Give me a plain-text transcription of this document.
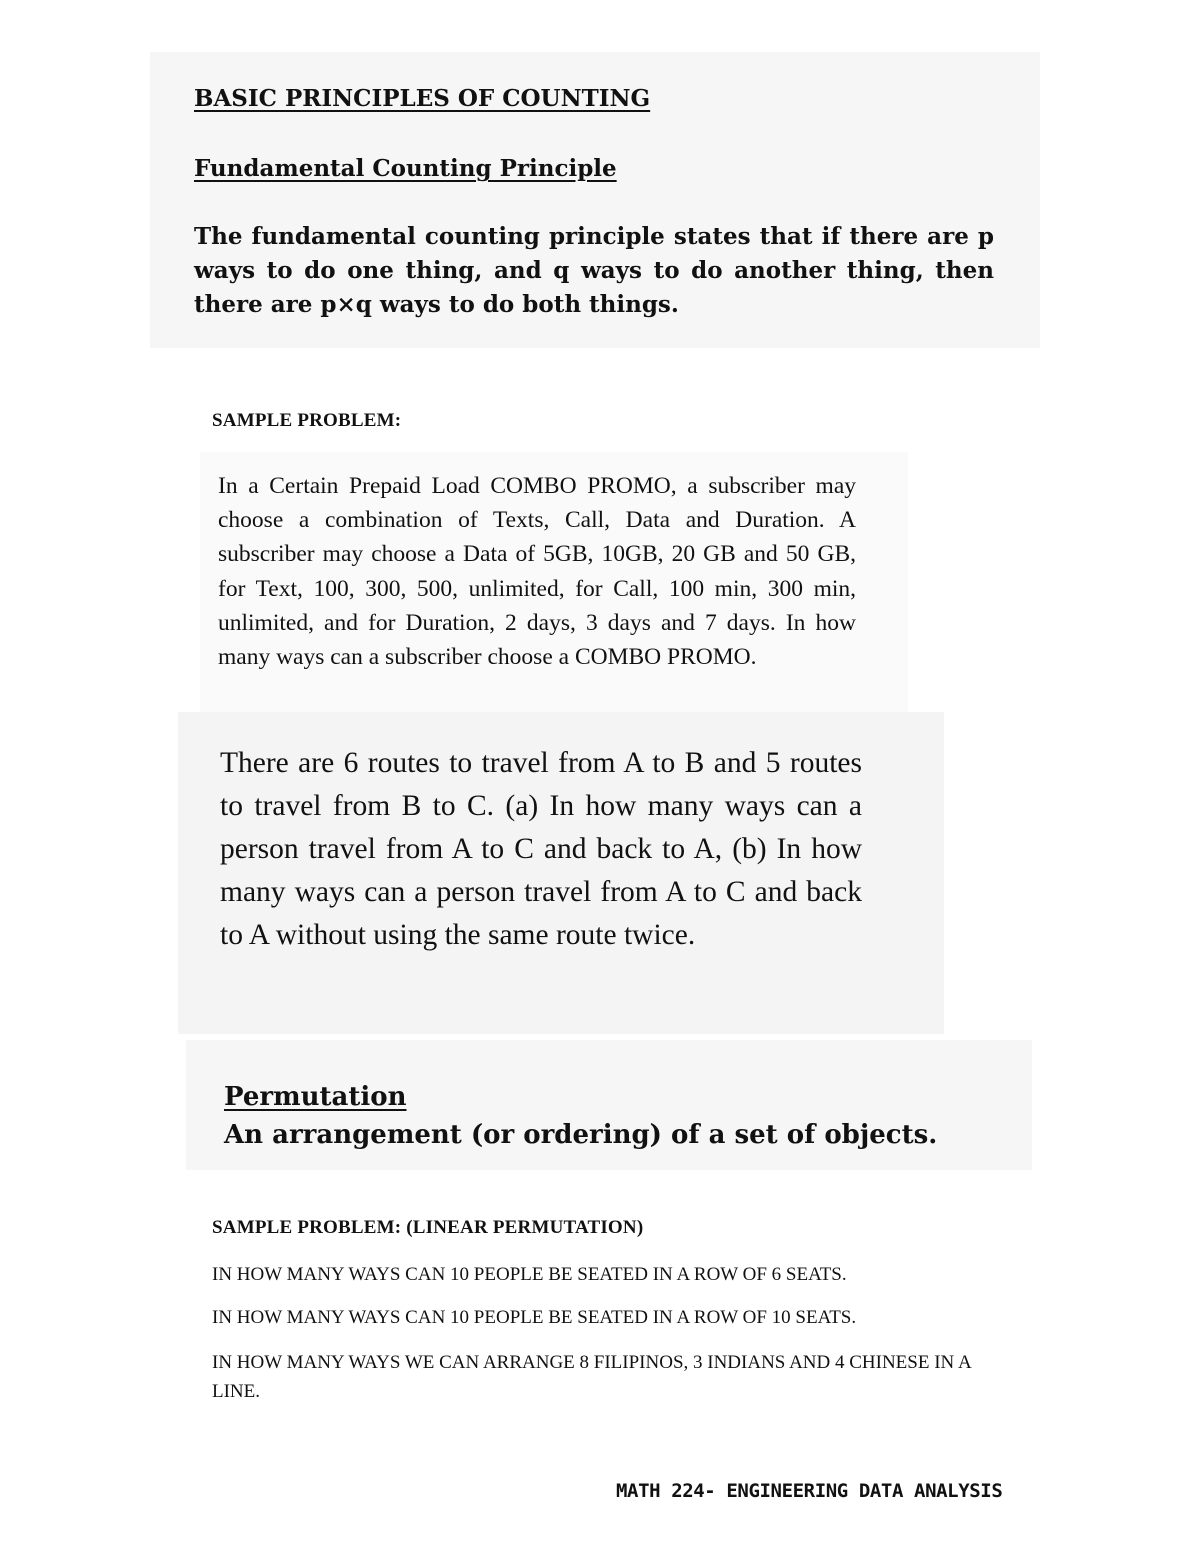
BASIC PRINCIPLES OF COUNTING

Fundamental Counting Principle

The fundamental counting principle states that if there are p ways to do one thing, and q ways to do another thing, then there are p×q ways to do both things.

SAMPLE PROBLEM:

In a Certain Prepaid Load COMBO PROMO, a subscriber may choose a combination of Texts, Call, Data and Duration. A subscriber may choose a Data of 5GB, 10GB, 20 GB and 50 GB, for Text, 100, 300, 500, unlimited, for Call, 100 min, 300 min, unlimited, and for Duration, 2 days, 3 days and 7 days. In how many ways can a subscriber choose a COMBO PROMO.

There are 6 routes to travel from A to B and 5 routes to travel from B to C. (a) In how many ways can a person travel from A to C and back to A, (b) In how many ways can a person travel from A to C and back to A without using the same route twice.

Permutation

An arrangement (or ordering) of a set of objects.

SAMPLE PROBLEM: (LINEAR PERMUTATION)

IN HOW MANY WAYS CAN 10 PEOPLE BE SEATED IN A ROW OF 6 SEATS.

IN HOW MANY WAYS CAN 10 PEOPLE BE SEATED IN A ROW OF 10 SEATS.

IN HOW MANY WAYS WE CAN ARRANGE 8 FILIPINOS, 3 INDIANS AND 4 CHINESE IN A LINE.

MATH 224- ENGINEERING DATA ANALYSIS
